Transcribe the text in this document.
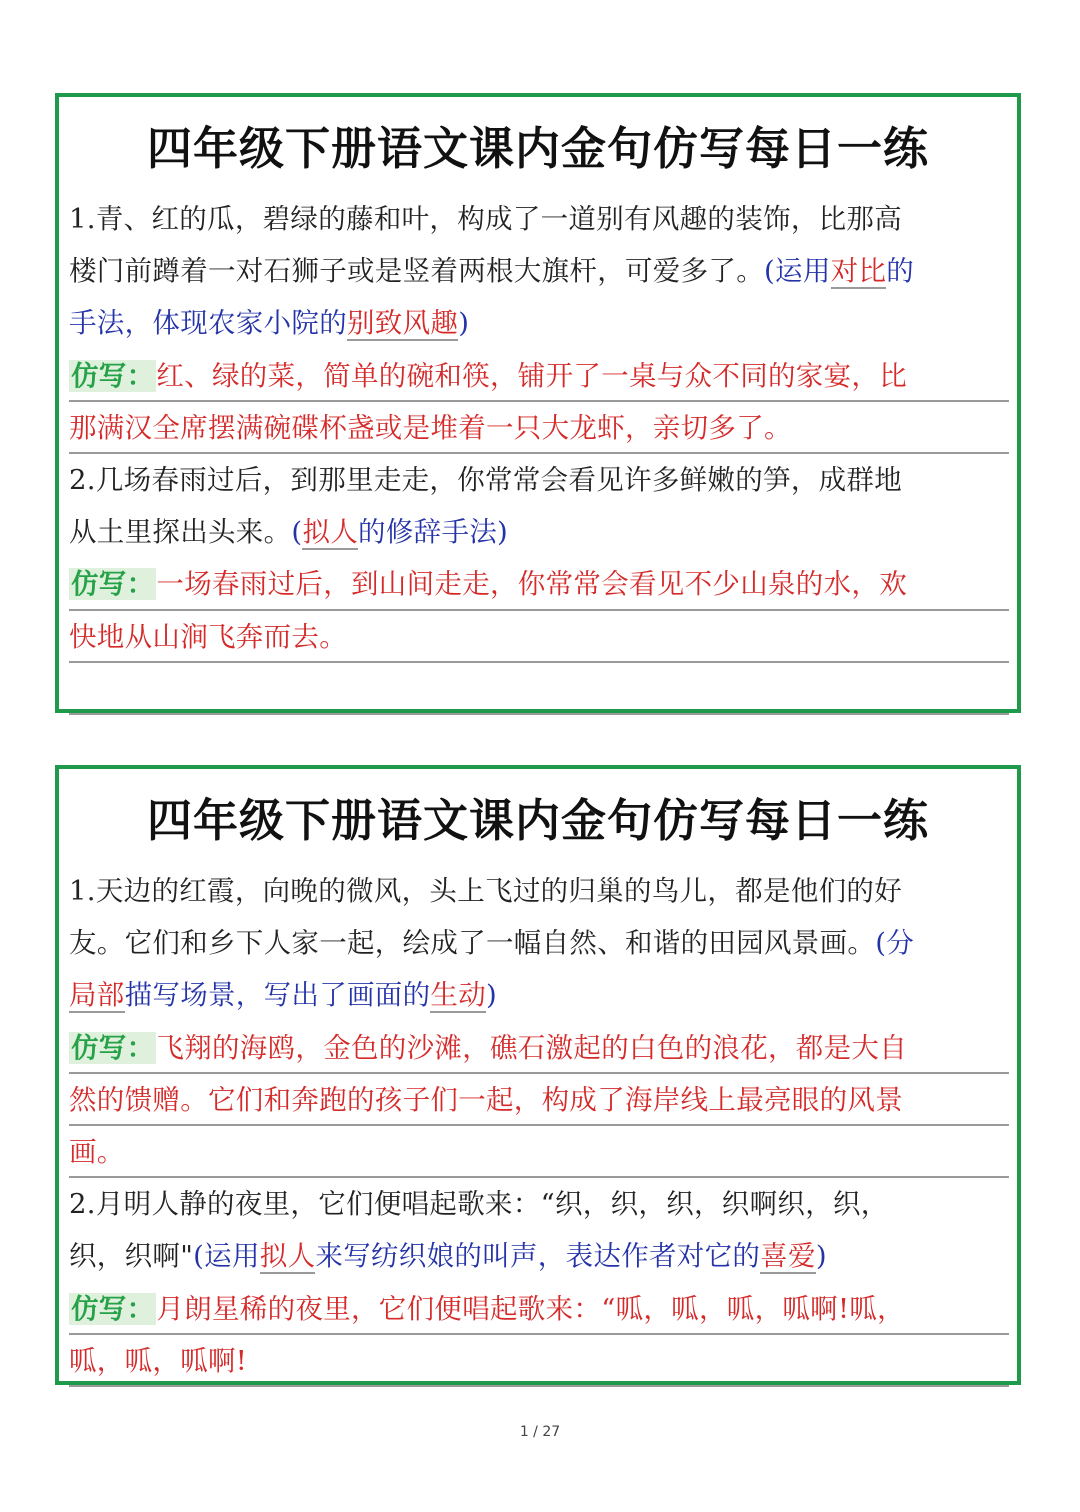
四年级下册语文课内金句仿写每日一练
1.青、红的瓜，碧绿的藤和叶，构成了一道别有风趣的装饰，比那高
楼门前蹲着一对石狮子或是竖着两根大旗杆，可爱多了。(运用对比的
手法，体现农家小院的别致风趣)
仿写：红、绿的菜，简单的碗和筷，铺开了一桌与众不同的家宴，比
那满汉全席摆满碗碟杯盏或是堆着一只大龙虾，亲切多了。
2.几场春雨过后，到那里走走，你常常会看见许多鲜嫩的笋，成群地
从土里探出头来。(拟人的修辞手法)
仿写：一场春雨过后，到山间走走，你常常会看见不少山泉的水，欢
快地从山涧飞奔而去。
四年级下册语文课内金句仿写每日一练
1.天边的红霞，向晚的微风，头上飞过的归巢的鸟儿，都是他们的好
友。它们和乡下人家一起，绘成了一幅自然、和谐的田园风景画。(分
局部描写场景，写出了画面的生动)
仿写：飞翔的海鸥，金色的沙滩，礁石激起的白色的浪花，都是大自
然的馈赠。它们和奔跑的孩子们一起，构成了海岸线上最亮眼的风景
画。
2.月明人静的夜里，它们便唱起歌来：“织，织，织，织啊织，织，
织，织啊"(运用拟人来写纺织娘的叫声，表达作者对它的喜爱)
仿写：月朗星稀的夜里，它们便唱起歌来：“呱，呱，呱，呱啊!呱，
呱，呱，呱啊!
1 / 27
